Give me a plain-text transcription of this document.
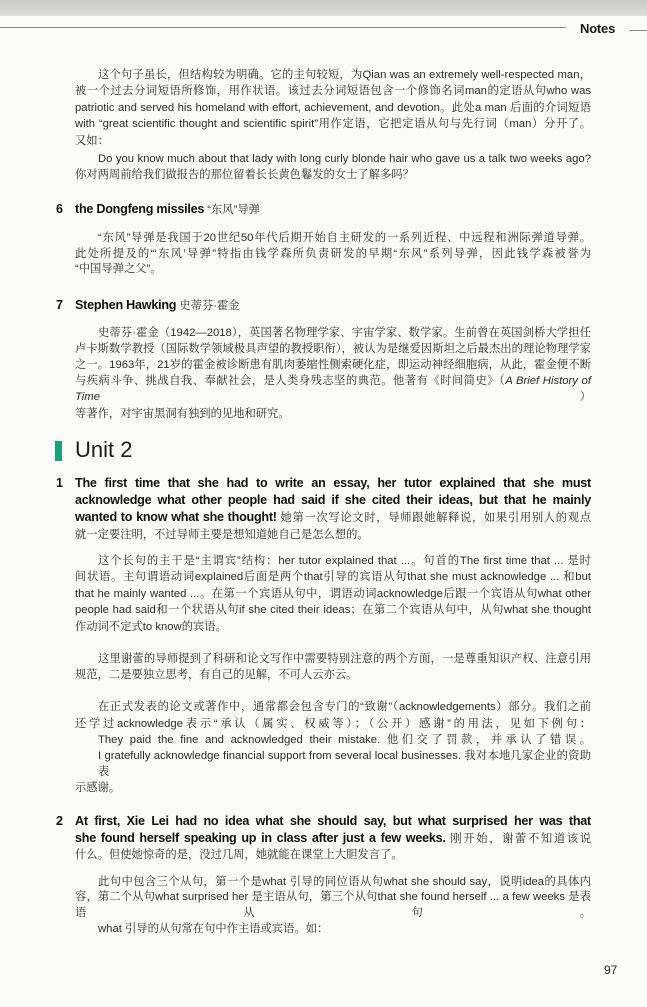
Notes
这个句子虽长，但结构较为明确。它的主句较短，为Qian was an extremely well-respected man，
被一个过去分词短语所修饰，用作状语。该过去分词短语包含一个修饰名词man的定语从句who was
patriotic and served his homeland with effort, achievement, and devotion。此处a man 后面的介词短语
with “great scientific thought and scientific spirit”用作定语，它把定语从句与先行词（man）分开了。
又如：
Do you know much about that lady with long curly blonde hair who gave us a talk two weeks ago?
你对两周前给我们做报告的那位留着长长黄色鬈发的女士了解多吗？
6 the Dongfeng missiles “东风”导弹
“东风”导弹是我国于20世纪50年代后期开始自主研发的一系列近程、中远程和洲际弹道导弹。
此处所提及的“‘东风’导弹”特指由钱学森所负责研发的早期“东风”系列导弹，因此钱学森被誉为
“中国导弹之父”。
7 Stephen Hawking 史蒂芬·霍金
史蒂芬·霍金（1942—2018），英国著名物理学家、宇宙学家、数学家。生前曾在英国剑桥大学担任
卢卡斯数学教授（国际数学领域极具声望的教授职衔），被认为是继爱因斯坦之后最杰出的理论物理学家
之一。1963年，21岁的霍金被诊断患有肌肉萎缩性侧索硬化症，即运动神经细胞病，从此，霍金便不断
与疾病斗争、挑战自我、奉献社会，是人类身残志坚的典范。他著有《时间简史》（A Brief History of Time）
等著作，对宇宙黑洞有独到的见地和研究。
Unit 2
1 The first time that she had to write an essay, her tutor explained that she must
acknowledge what other people had said if she cited their ideas, but that he mainly
wanted to know what she thought! 她第一次写论文时，导师跟她解释说，如果引用别人的观点
就一定要注明，不过导师主要是想知道她自己是怎么想的。
这个长句的主干是“主谓宾”结构：her tutor explained that ...。句首的The first time that ... 是时
间状语。主句谓语动词explained后面是两个that引导的宾语从句that she must acknowledge ... 和but
that he mainly wanted ...。在第一个宾语从句中，谓语动词acknowledge后跟一个宾语从句what other
people had said和一个状语从句if she cited their ideas；在第二个宾语从句中，从句what she thought
作动词不定式to know的宾语。
这里谢蕾的导师提到了科研和论文写作中需要特别注意的两个方面，一是尊重知识产权、注意引用
规范，二是要独立思考，有自己的见解，不可人云亦云。
在正式发表的论文或著作中，通常都会包含专门的“致谢”（acknowledgements）部分。我们之前
还学过acknowledge表示“承认（属实、权威等）；（公开）感谢”的用法，见如下例句：
They paid the fine and acknowledged their mistake. 他们交了罚款，并承认了错误。
I gratefully acknowledge financial support from several local businesses. 我对本地几家企业的资助表
示感谢。
2 At first, Xie Lei had no idea what she should say, but what surprised her was that
she found herself speaking up in class after just a few weeks. 刚开始，谢蕾不知道该说
什么。但使她惊奇的是，没过几周，她就能在课堂上大胆发言了。
此句中包含三个从句，第一个是what 引导的同位语从句what she should say，说明idea的具体内
容，第二个从句what surprised her 是主语从句，第三个从句that she found herself ... a few weeks 是表
语从句。
what 引导的从句常在句中作主语或宾语。如：
97
